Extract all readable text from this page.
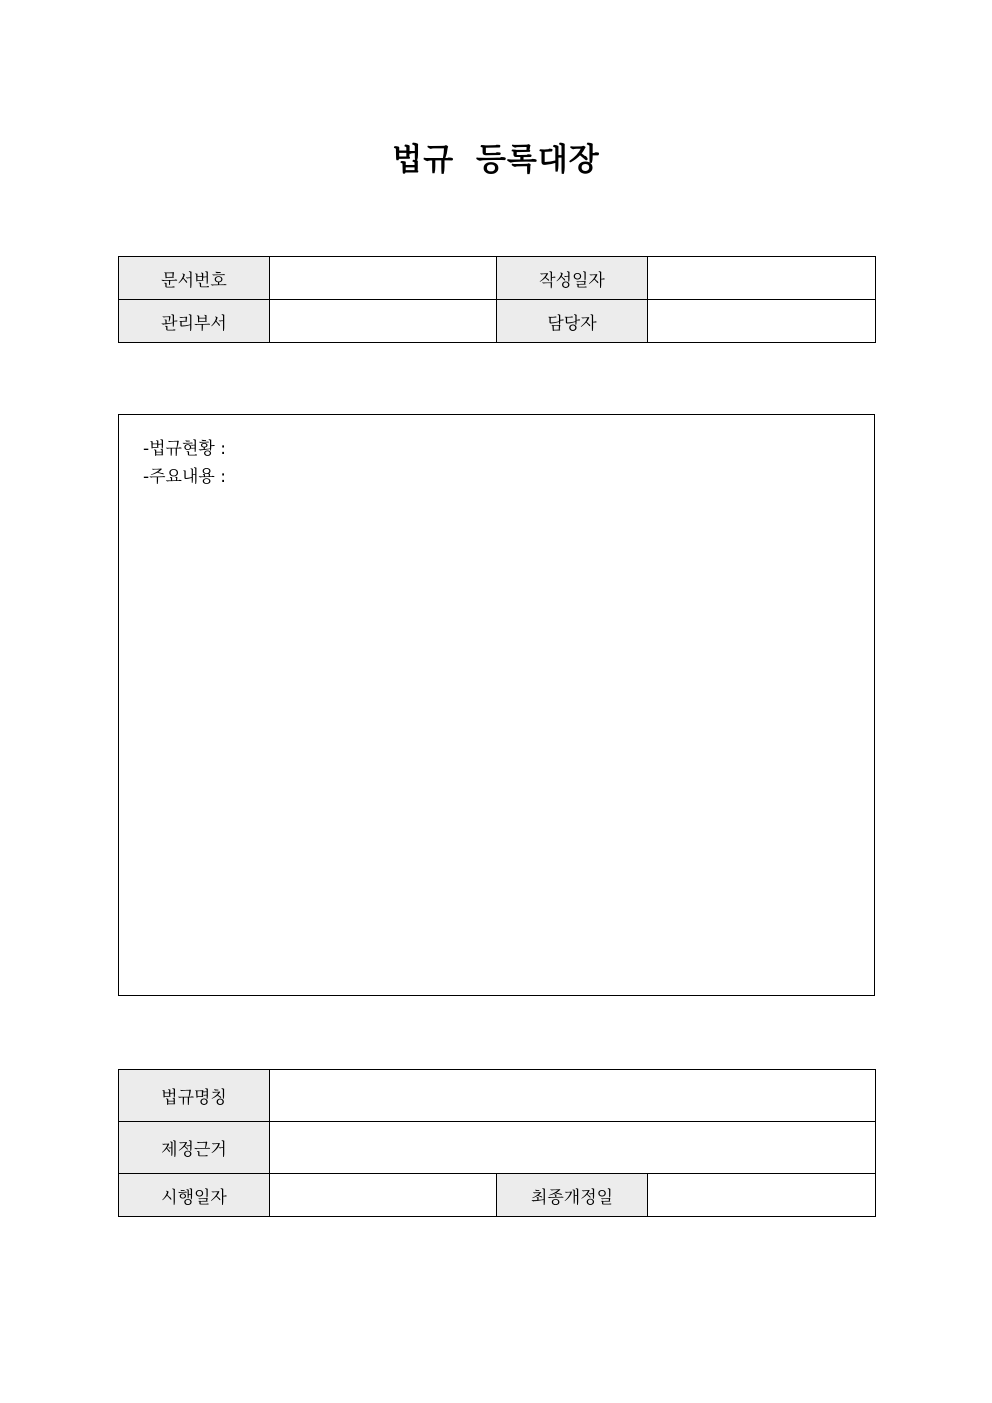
법규 등록대장
문서번호		작성일자	
관리부서		담당자	
-법규현황 :
-주요내용 :
법규명칭			
제정근거			
시행일자		최종개정일	
